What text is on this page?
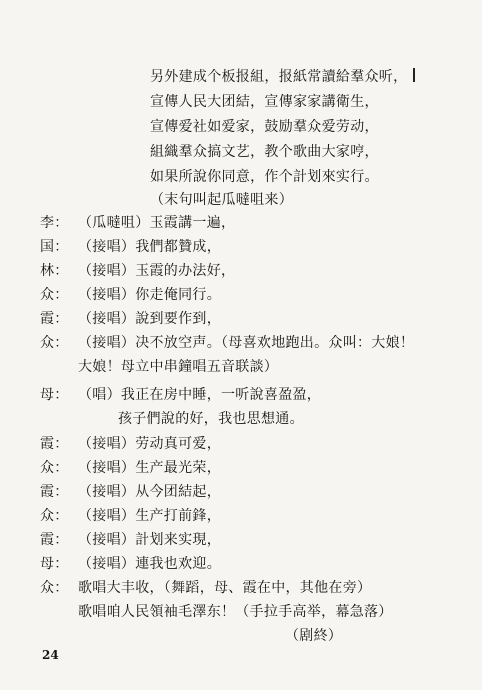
另外建成个板报組，报紙常讀給羣众听，
宣傳人民大团結，宣傳家家講衛生，
宣傳爱社如爱家，鼓励羣众爱劳动，
組織羣众搞文艺，教个歌曲大家哼，
如果所說你同意，作个計划來实行。
（末句叫起瓜噠咀来）
李： （瓜噠咀）玉霞講一遍，
国： （接唱）我們都贊成，
林： （接唱）玉霞的办法好，
众： （接唱）你走俺同行。
霞： （接唱）說到要作到，
众： （接唱）决不放空声。（母喜欢地跑出。众叫：大娘！
大娘！母立中串鐘唱五音联談）
母： （唱）我正在房中睡，一听說喜盈盈，
孩子們說的好，我也思想通。
霞： （接唱）劳动真可爱，
众： （接唱）生产最光荣，
霞： （接唱）从今团結起，
众： （接唱）生产打前鋒，
霞： （接唱）計划来实現，
母： （接唱）連我也欢迎。
众： 歌唱大丰收，（舞蹈，母、霞在中，其他在旁）
歌唱咱人民領袖毛澤东！（手拉手高举，幕急落）
（剧終）
24
